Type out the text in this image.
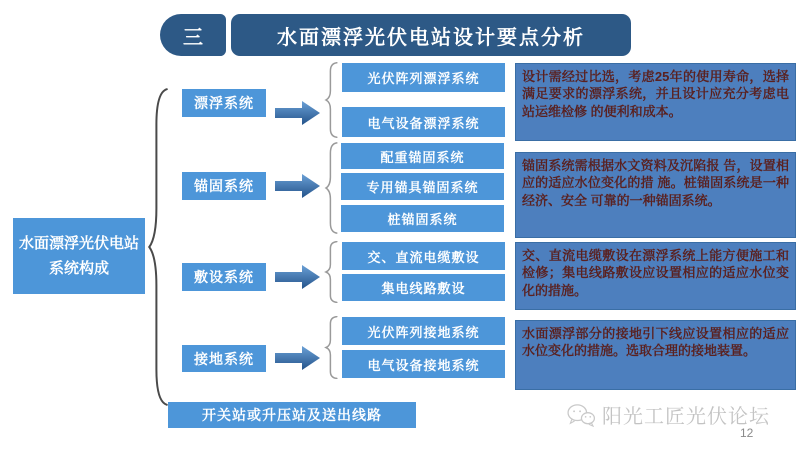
三	水面漂浮光伏电站设计要点分析
水面漂浮光伏电站系统构成
漂浮系统
光伏阵列漂浮系统
电气设备漂浮系统
设计需经过比选，考虑25年的使用寿命，选择满足要求的漂浮系统，并且设计应充分考虑电站运维检修 的便利和成本。
锚固系统
配重锚固系统
专用锚具锚固系统
桩锚固系统
锚固系统需根据水文资料及沉陷报 告，设置相应的适应水位变化的措 施。桩锚固系统是一种经济、安全 可靠的一种锚固系统。
敷设系统
交、直流电缆敷设
集电线路敷设
交、直流电缆敷设在漂浮系统上能方便施工和检修；集电线路敷设应设置相应的适应水位变化的措施。
接地系统
光伏阵列接地系统
电气设备接地系统
水面漂浮部分的接地引下线应设置相应的适应水位变化的措施。选取合理的接地装置。
开关站或升压站及送出线路	阳光工匠光伏论坛
12
